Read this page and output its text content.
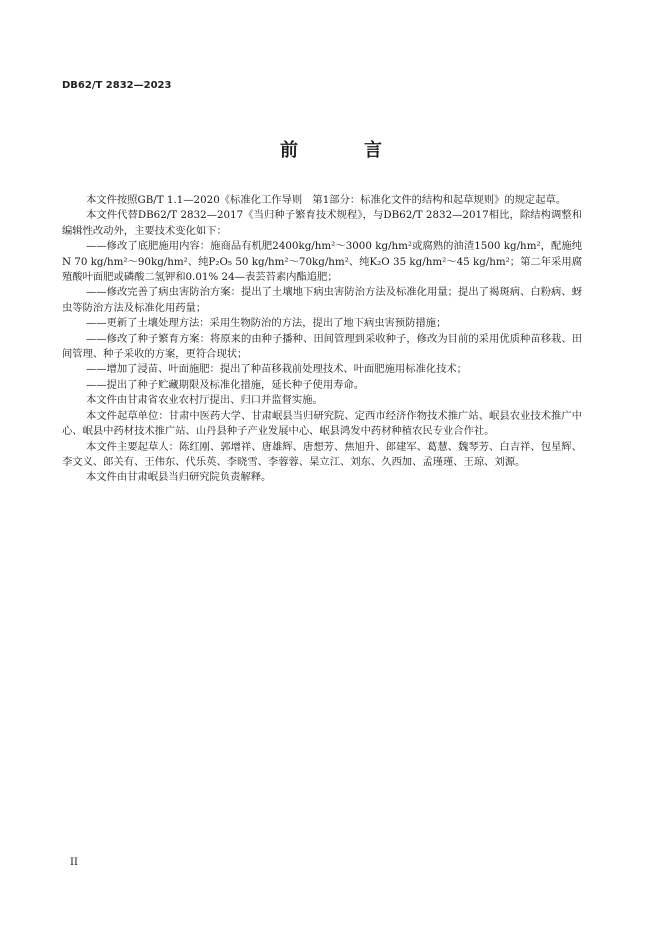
DB62/T 2832—2023
前　言

本文件按照GB/T 1.1—2020《标准化工作导则　第1部分：标准化文件的结构和起草规则》的规定起草。

本文件代替DB62/T 2832—2017《当归种子繁育技术规程》，与DB62/T 2832—2017相比，除结构调整和编辑性改动外，主要技术变化如下：

——修改了底肥施用内容：施商品有机肥2400kg/hm²～3000 kg/hm²或腐熟的油渣1500 kg/hm²，配施纯N 70 kg/hm²～90kg/hm²、纯P₂O₅ 50 kg/hm²～70kg/hm²、纯K₂O 35 kg/hm²～45 kg/hm²；第二年采用腐殖酸叶面肥或磷酸二氢钾和0.01% 24—表芸苔素内酯追肥；

——修改完善了病虫害防治方案：提出了土壤地下病虫害防治方法及标准化用量；提出了褐斑病、白粉病、蚜虫等防治方法及标准化用药量；

——更新了土壤处理方法：采用生物防治的方法，提出了地下病虫害预防措施；

——修改了种子繁育方案：将原来的由种子播种、田间管理到采收种子，修改为目前的采用优质种苗移栽、田间管理、种子采收的方案，更符合现状；

——增加了浸苗、叶面施肥：提出了种苗移栽前处理技术、叶面肥施用标准化技术；

——提出了种子贮藏期限及标准化措施，延长种子使用寿命。

本文件由甘肃省农业农村厅提出、归口并监督实施。

本文件起草单位：甘肃中医药大学、甘肃岷县当归研究院、定西市经济作物技术推广站、岷县农业技术推广中心、岷县中药材技术推广站、山丹县种子产业发展中心、岷县鸿发中药材种植农民专业合作社。

本文件主要起草人：陈红刚、郭增祥、唐雄辉、唐想芳、焦旭升、郎建军、葛慧、魏琴芳、白吉祥、包星辉、李文义、郎关有、王伟东、代乐英、李晓雪、李蓉蓉、杲立江、刘东、久西加、孟瑾瑾、王琼、刘源。

本文件由甘肃岷县当归研究院负责解释。

II
